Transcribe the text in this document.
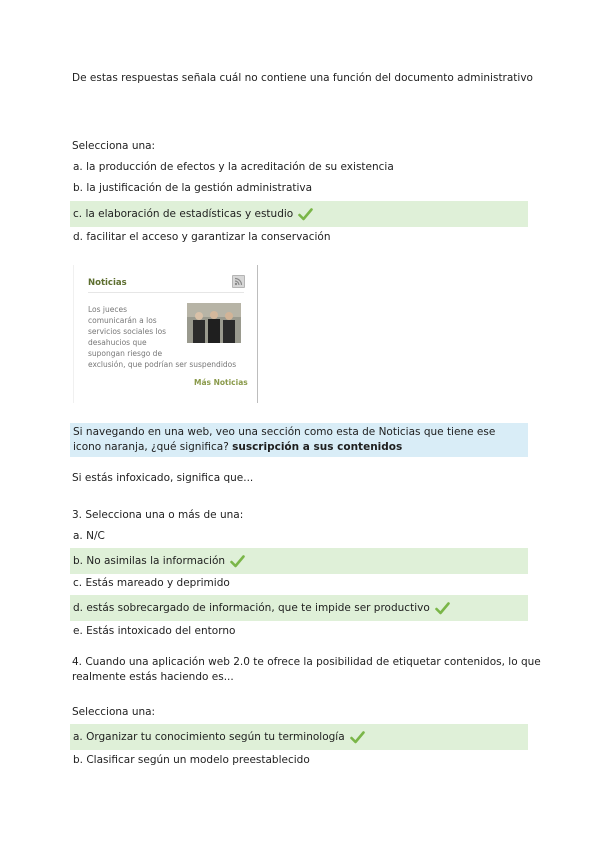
De estas respuestas señala cuál no contiene una función del documento administrativo
Selecciona una:
a. la producción de efectos y la acreditación de su existencia
b. la justificación de la gestión administrativa
c. la elaboración de estadísticas y estudio
d. facilitar el acceso y garantizar la conservación
Noticias
Los jueces
comunicarán a los
servicios sociales los
desahucios que
supongan riesgo de
exclusión, que podrían ser suspendidos
Más Noticias
Si navegando en una web, veo una sección como esta de Noticias que tiene ese icono naranja, ¿qué significa? suscripción a sus contenidos
Si estás infoxicado, significa que...
3. Selecciona una o más de una:
a. N/C
b. No asimilas la información
c. Estás mareado y deprimido
d. estás sobrecargado de información, que te impide ser productivo
e. Estás intoxicado del entorno
4. Cuando una aplicación web 2.0 te ofrece la posibilidad de etiquetar contenidos, lo que
realmente estás haciendo es...
Selecciona una:
a. Organizar tu conocimiento según tu terminología
b. Clasificar según un modelo preestablecido
